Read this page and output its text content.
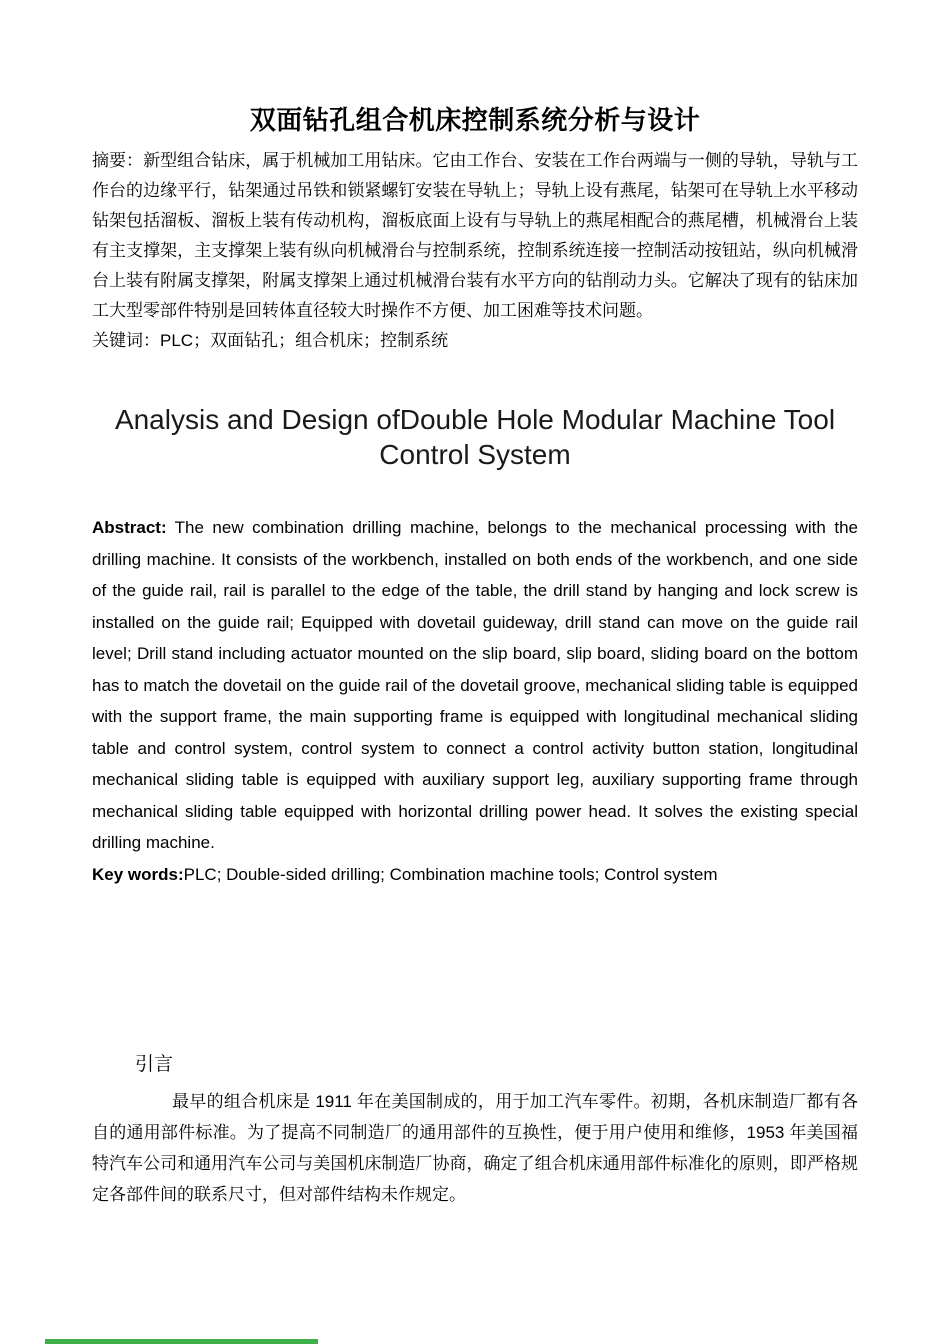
双面钻孔组合机床控制系统分析与设计

摘要：新型组合钻床，属于机械加工用钻床。它由工作台、安装在工作台两端与一侧的导轨，导轨与工作台的边缘平行，钻架通过吊铁和锁紧螺钉安装在导轨上；导轨上设有燕尾，钻架可在导轨上水平移动钻架包括溜板、溜板上装有传动机构，溜板底面上设有与导轨上的燕尾相配合的燕尾槽，机械滑台上装有主支撑架，主支撑架上装有纵向机械滑台与控制系统，控制系统连接一控制活动按钮站，纵向机械滑台上装有附属支撑架，附属支撑架上通过机械滑台装有水平方向的钻削动力头。它解决了现有的钻床加工大型零部件特别是回转体直径较大时操作不方便、加工困难等技术问题。

关键词：PLC；双面钻孔；组合机床；控制系统

Analysis and Design ofDouble Hole Modular Machine Tool
Control System

Abstract: The new combination drilling machine, belongs to the mechanical processing with the drilling machine. It consists of the workbench, installed on both ends of the workbench, and one side of the guide rail, rail is parallel to the edge of the table, the drill stand by hanging and lock screw is installed on the guide rail; Equipped with dovetail guideway, drill stand can move on the guide rail level; Drill stand including actuator mounted on the slip board, slip board, sliding board on the bottom has to match the dovetail on the guide rail of the dovetail groove, mechanical sliding table is equipped with the support frame, the main supporting frame is equipped with longitudinal mechanical sliding table and control system, control system to connect a control activity button station, longitudinal mechanical sliding table is equipped with auxiliary support leg, auxiliary supporting frame through mechanical sliding table equipped with horizontal drilling power head. It solves the existing special drilling machine.

Key words:PLC; Double-sided drilling; Combination machine tools; Control system

引言

最早的组合机床是 1911 年在美国制成的，用于加工汽车零件。初期，各机床制造厂都有各自的通用部件标准。为了提高不同制造厂的通用部件的互换性，便于用户使用和维修，1953 年美国福特汽车公司和通用汽车公司与美国机床制造厂协商，确定了组合机床通用部件标准化的原则，即严格规定各部件间的联系尺寸，但对部件结构未作规定。
